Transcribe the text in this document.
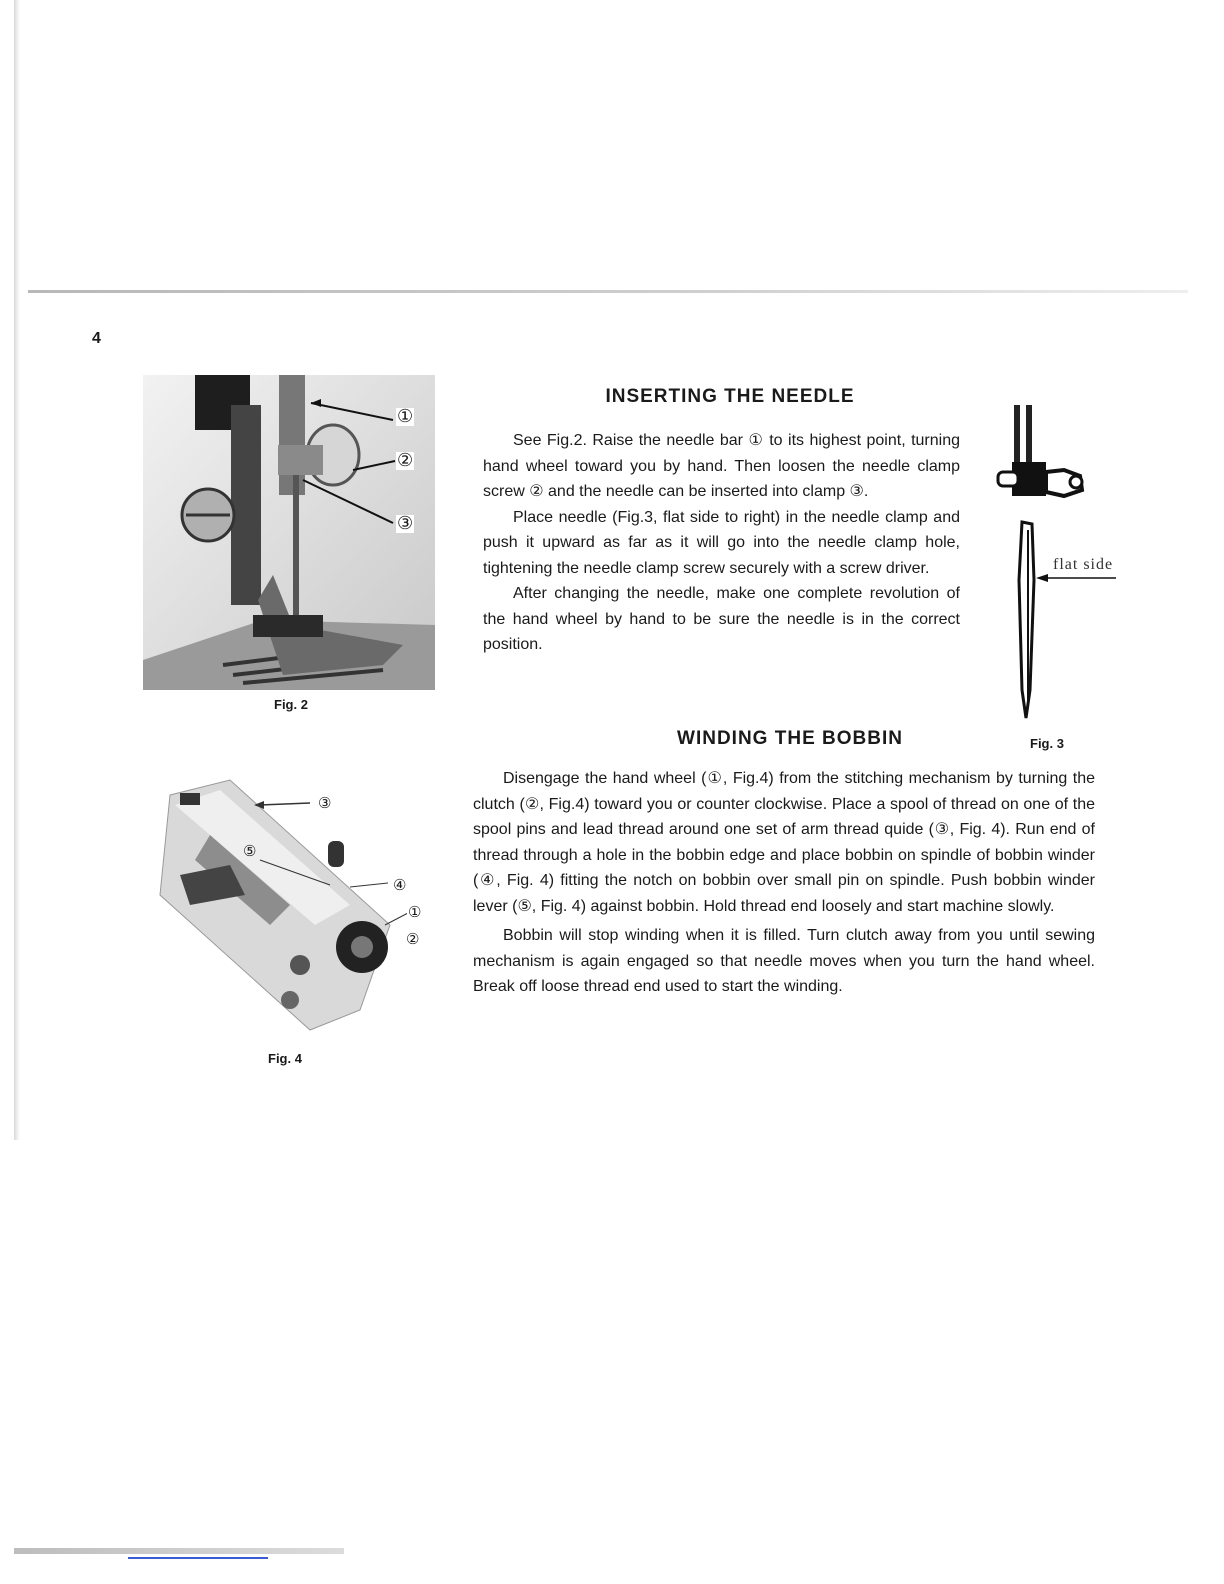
4
①
②
③
Fig. 2
③
⑤
④
①
②
Fig. 4
flat side
Fig. 3
INSERTING THE NEEDLE

See Fig.2. Raise the needle bar ① to its highest point, turning hand wheel toward you by hand. Then loosen the needle clamp screw ② and the needle can be inserted into clamp ③.

Place needle (Fig.3, flat side to right) in the needle clamp and push it upward as far as it will go into the needle clamp hole, tightening the needle clamp screw securely with a screw driver.

After changing the needle, make one complete revolution of the hand wheel by hand to be sure the needle is in the correct position.

WINDING THE BOBBIN

Disengage the hand wheel (①, Fig.4) from the stitching mechanism by turning the clutch (②, Fig.4) toward you or counter clockwise. Place a spool of thread on one of the spool pins and lead thread around one set of arm thread quide (③, Fig. 4). Run end of thread through a hole in the bobbin edge and place bobbin on spindle of bobbin winder (④, Fig. 4) fitting the notch on bobbin over small pin on spindle. Push bobbin winder lever (⑤, Fig. 4) against bobbin. Hold thread end loosely and start machine slowly.

Bobbin will stop winding when it is filled. Turn clutch away from you until sewing mechanism is again engaged so that needle moves when you turn the hand wheel. Break off loose thread end used to start the winding.
